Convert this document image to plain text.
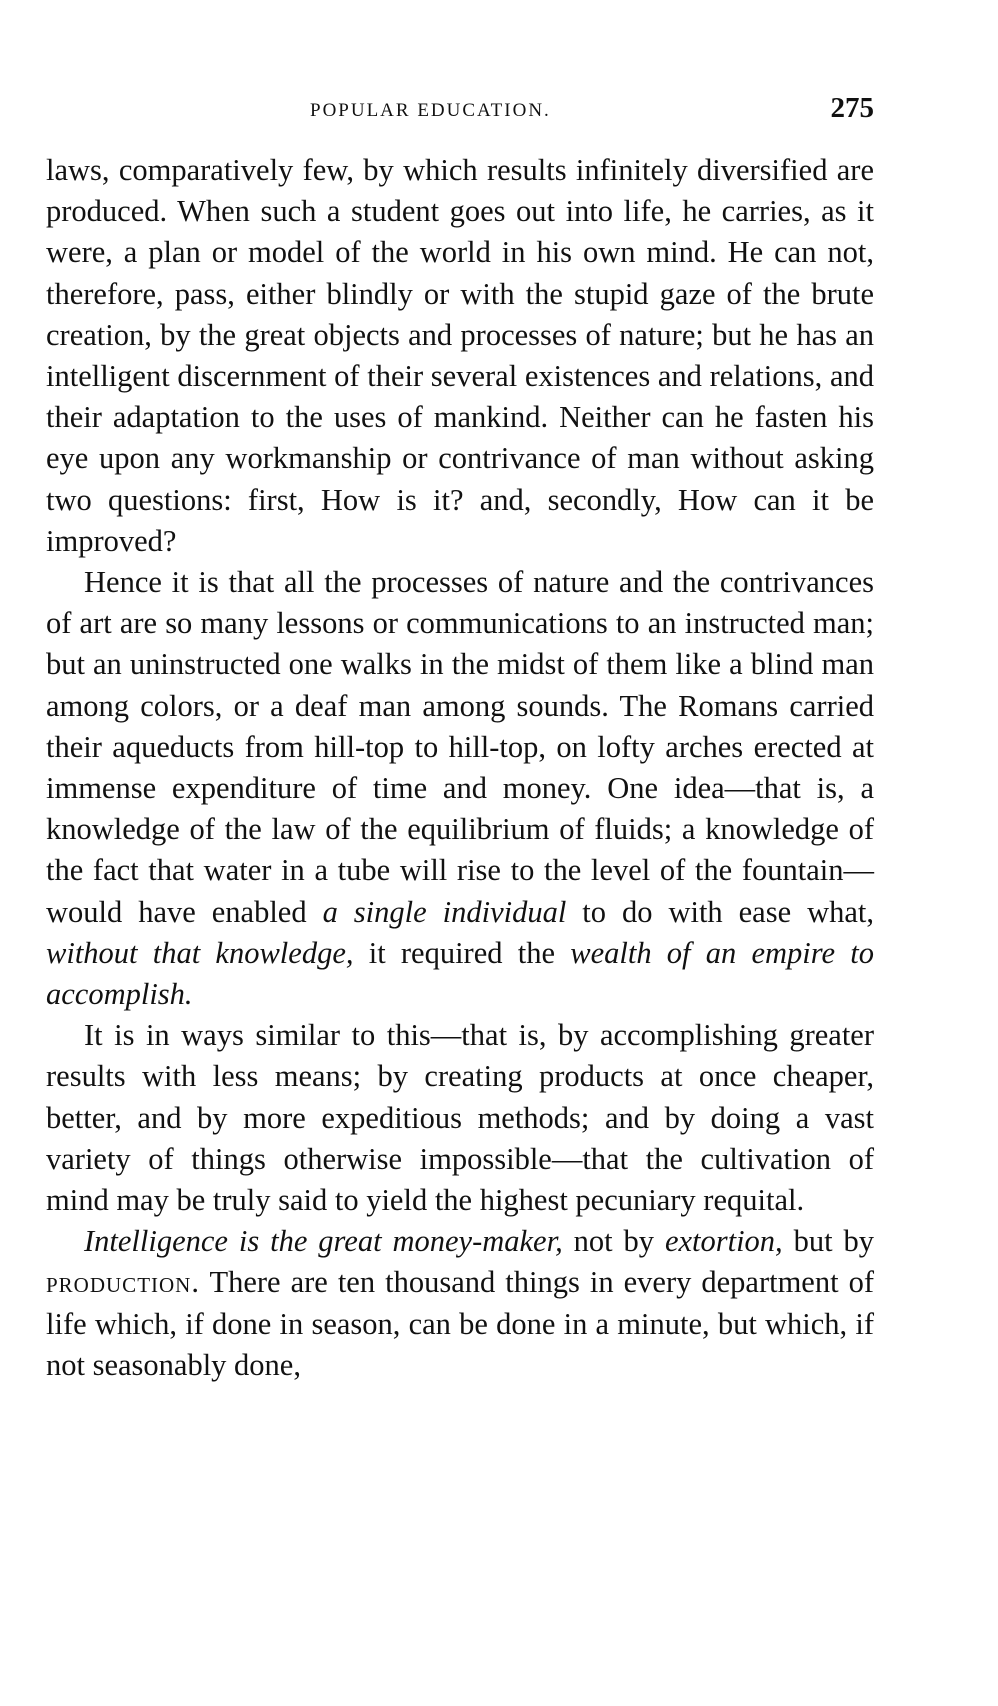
POPULAR EDUCATION.	275

laws, comparatively few, by which results infinitely diversified are produced. When such a student goes out into life, he carries, as it were, a plan or model of the world in his own mind. He can not, therefore, pass, either blindly or with the stupid gaze of the brute creation, by the great objects and processes of nature; but he has an intelligent discernment of their several existences and relations, and their adaptation to the uses of mankind. Neither can he fasten his eye upon any workmanship or contrivance of man without asking two questions: first, How is it? and, secondly, How can it be improved?

Hence it is that all the processes of nature and the contrivances of art are so many lessons or communications to an instructed man; but an uninstructed one walks in the midst of them like a blind man among colors, or a deaf man among sounds. The Romans carried their aqueducts from hill-top to hill-top, on lofty arches erected at immense expenditure of time and money. One idea—that is, a knowledge of the law of the equilibrium of fluids; a knowledge of the fact that water in a tube will rise to the level of the fountain—would have enabled a single individual to do with ease what, without that knowledge, it required the wealth of an empire to accomplish.

It is in ways similar to this—that is, by accomplishing greater results with less means; by creating products at once cheaper, better, and by more expeditious methods; and by doing a vast variety of things otherwise impossible—that the cultivation of mind may be truly said to yield the highest pecuniary requital.

Intelligence is the great money-maker, not by extortion, but by production. There are ten thousand things in every department of life which, if done in season, can be done in a minute, but which, if not seasonably done,
